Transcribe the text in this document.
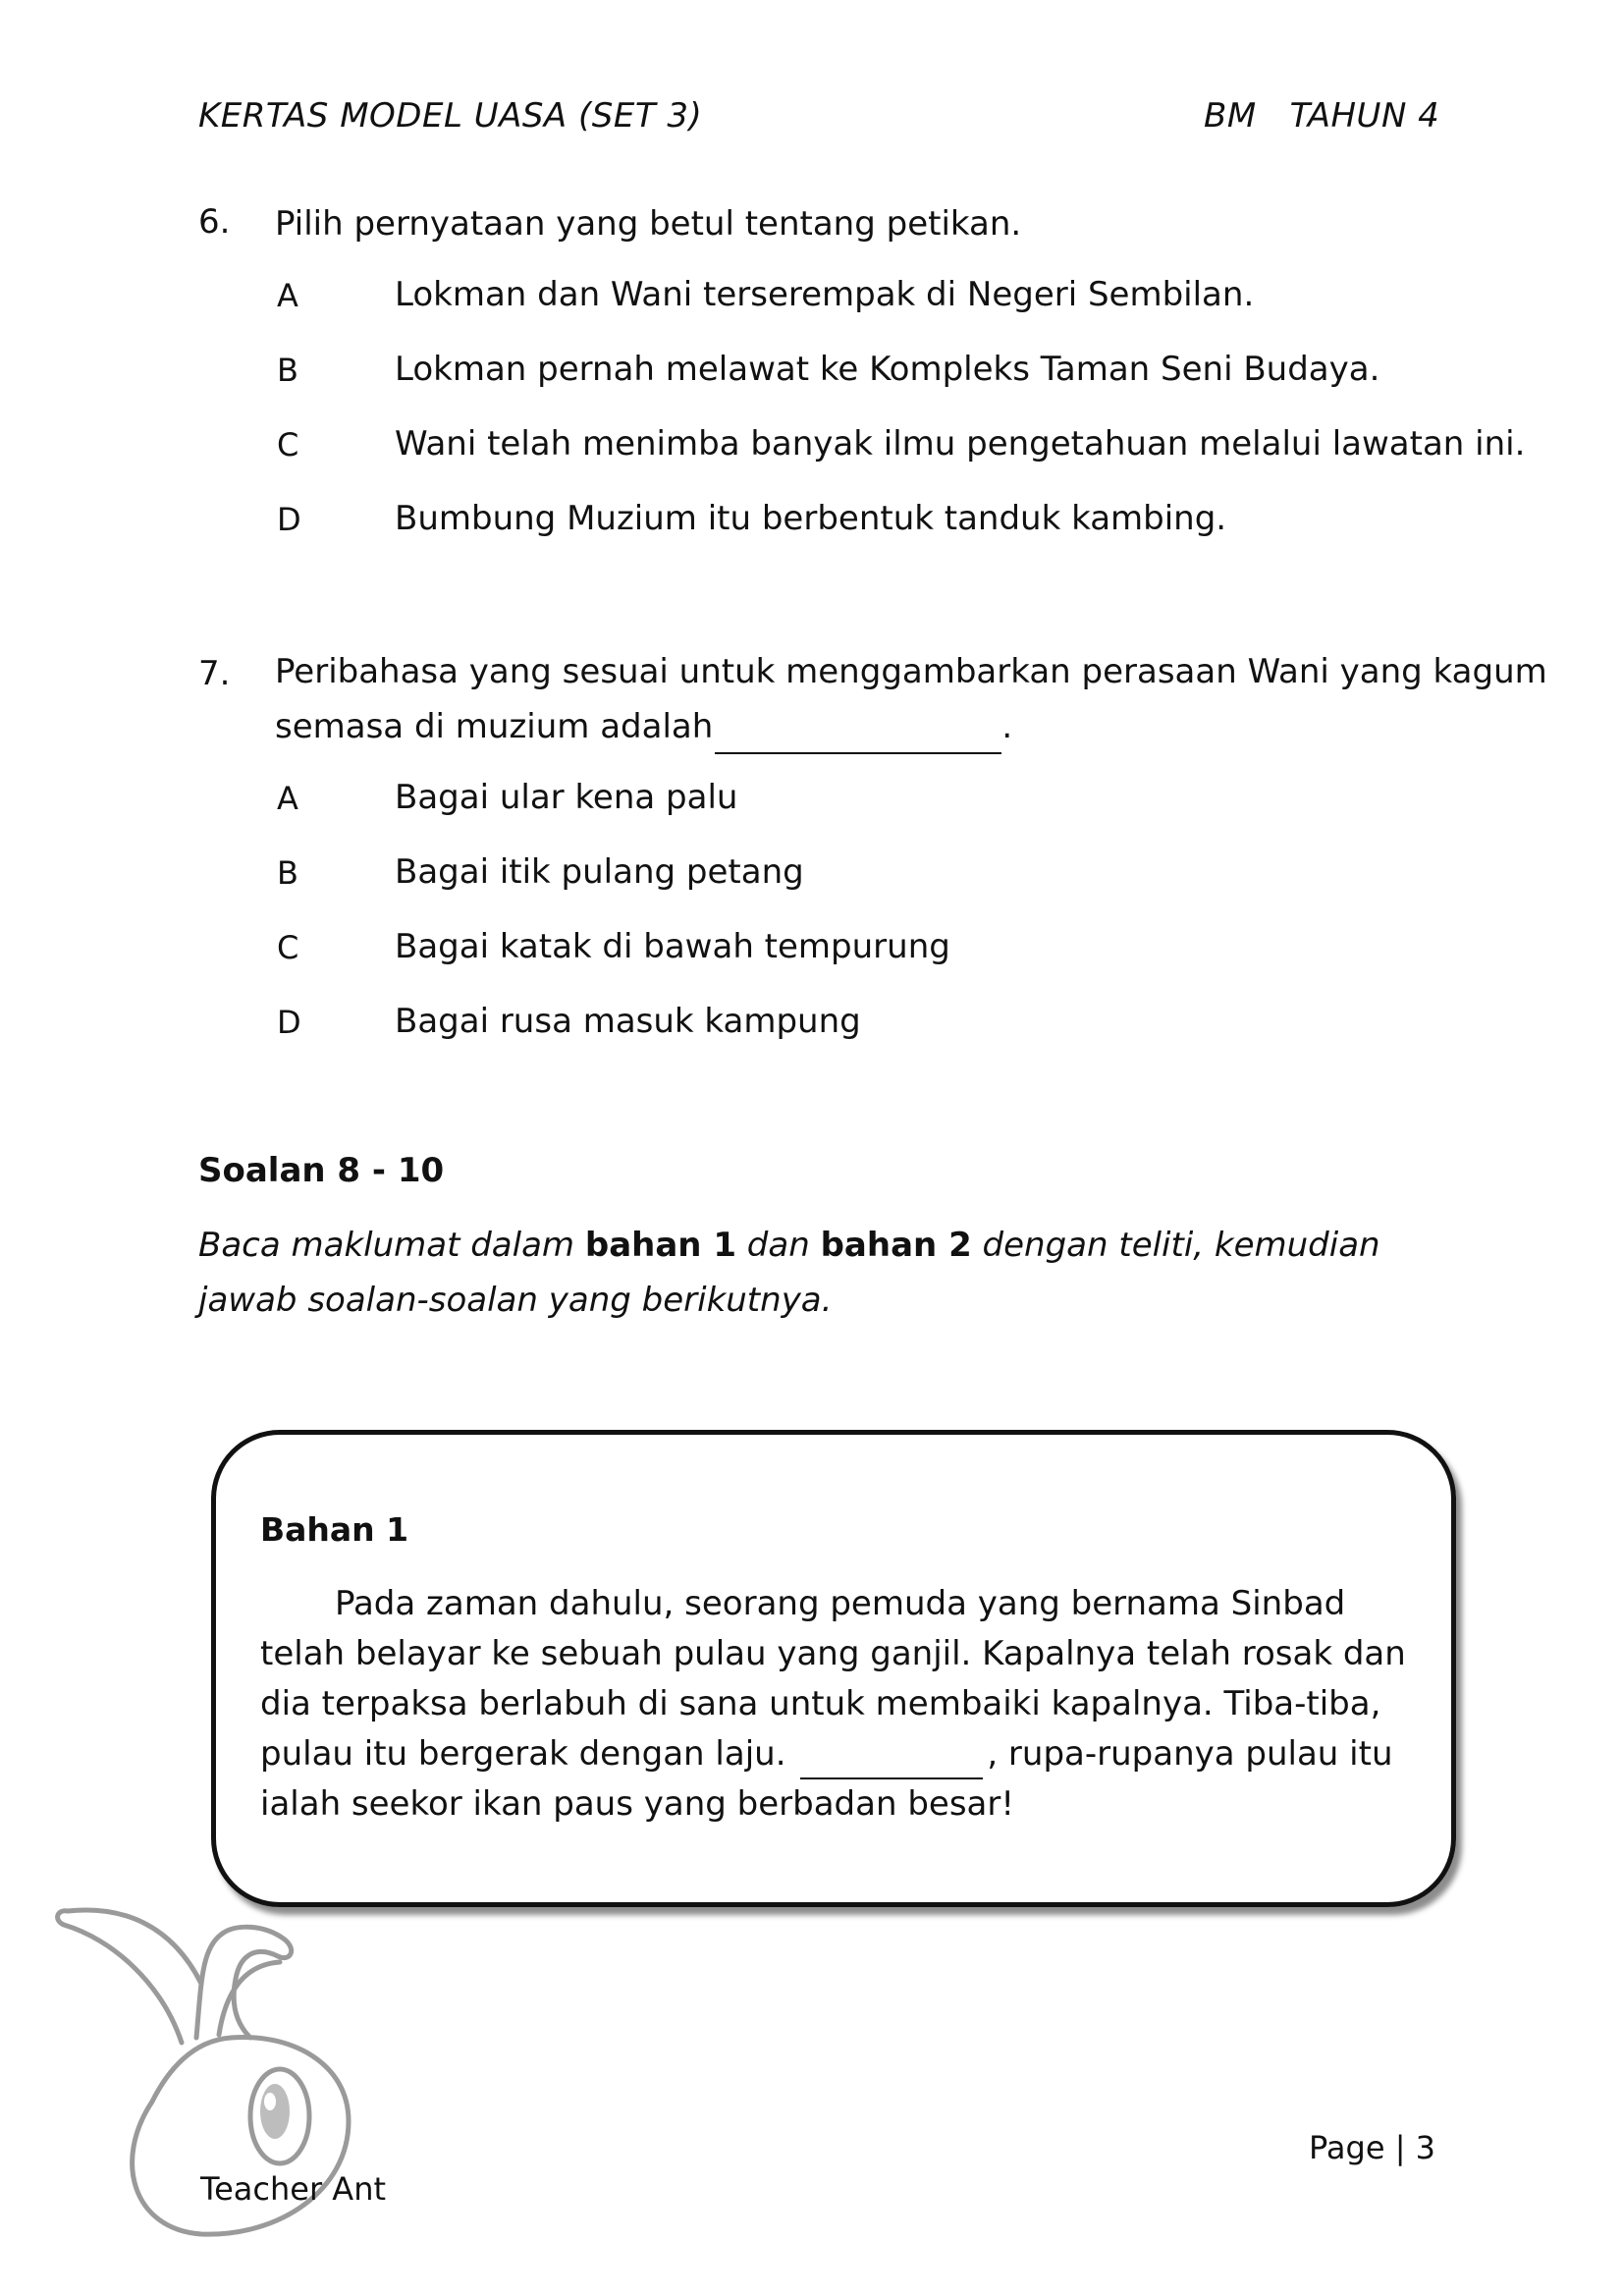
KERTAS MODEL UASA (SET 3)	BM   TAHUN 4
6. Pilih pernyataan yang betul tentang petikan.
A	Lokman dan Wani terserempak di Negeri Sembilan.
B	Lokman pernah melawat ke Kompleks Taman Seni Budaya.
C	Wani telah menimba banyak ilmu pengetahuan melalui lawatan ini.
D	Bumbung Muzium itu berbentuk tanduk kambing.
7. Peribahasa yang sesuai untuk menggambarkan perasaan Wani yang kagum
semasa di muzium adalah	.
A	Bagai ular kena palu
B	Bagai itik pulang petang
C	Bagai katak di bawah tempurung
D	Bagai rusa masuk kampung
Soalan 8 - 10
Baca maklumat dalam bahan 1 dan bahan 2 dengan teliti, kemudian jawab soalan-soalan yang berikutnya.
Bahan 1
Pada zaman dahulu, seorang pemuda yang bernama Sinbad telah belayar ke sebuah pulau yang ganjil. Kapalnya telah rosak dan dia terpaksa berlabuh di sana untuk membaiki kapalnya. Tiba-tiba, pulau itu bergerak dengan laju.	, rupa-rupanya pulau itu ialah seekor ikan paus yang berbadan besar!
Page | 3
Teacher Ant
